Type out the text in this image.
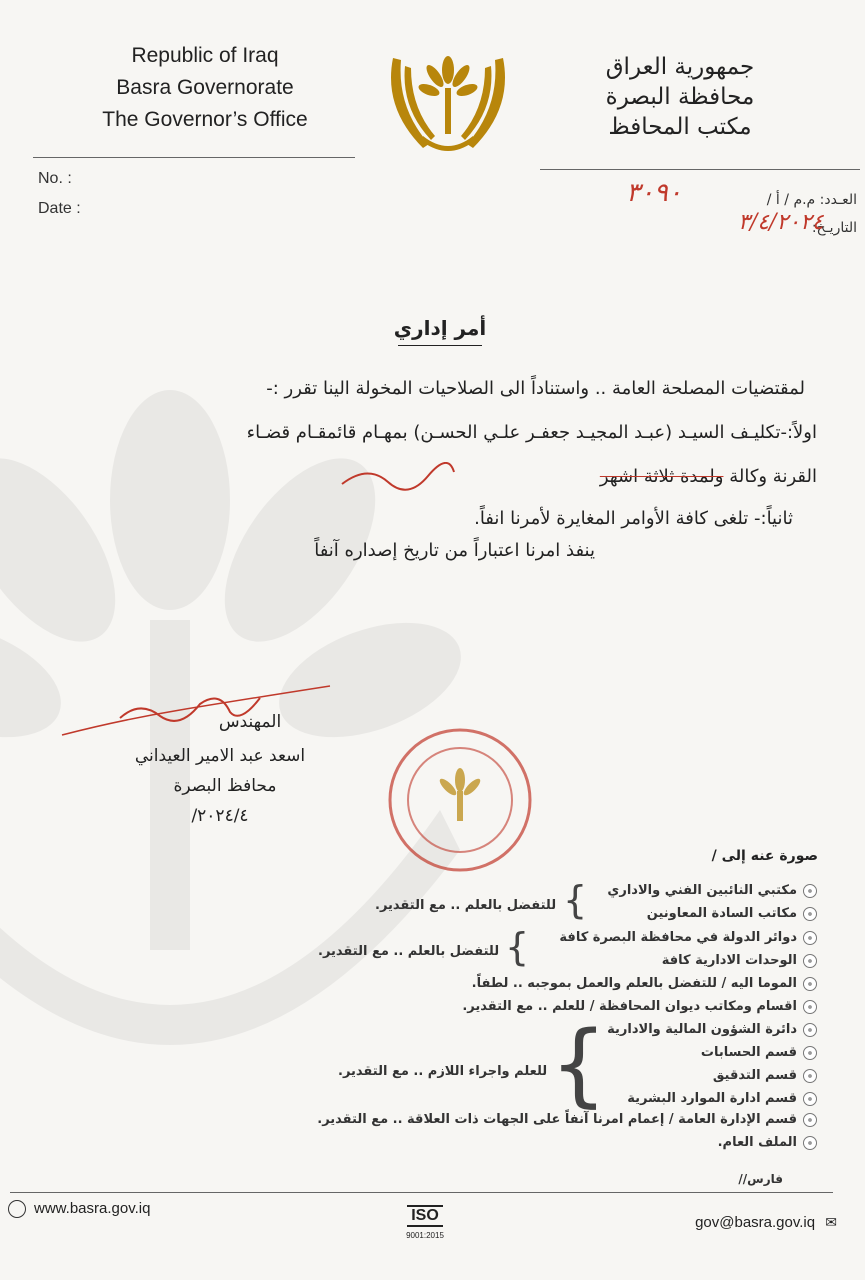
Republic of Iraq
Basra Governorate
The Governor’s Office
جمهورية العراق
محافظة البصرة
مكتب المحافظ
No. :
Date :	العـدد: م.م / أ /
التاريـخ:
٣٠٩٠
٣/٤/٢٠٢٤
أمر إداري
لمقتضيات المصلحة العامة .. واستناداً الى الصلاحيات المخولة الينا تقرر :-
اولاً:-تكليـف السيـد (عبـد المجيـد جعفـر علـي الحسـن) بمهـام قائمقـام قضـاء
القرنة وكالة ولمدة ثلاثة اشهر
ثانياً:- تلغى كافة الأوامر المغايرة لأمرنا انفاً.
ينفذ امرنا اعتباراً من تاريخ إصداره آنفاً
المهندس
اسعد عبد الامير العيداني
محافظ البصرة
٢٠٢٤/٤/
صورة عنه إلى /
مكتبي النائبين الفني والاداري
مكاتب السادة المعاونين
دوائر الدولة في محافظة البصرة كافة
الوحدات الادارية كافة
الموما اليه / للتفضل بالعلم والعمل بموجبه .. لطفاً.
اقسام ومكاتب ديوان المحافظة / للعلم .. مع التقدير.
دائرة الشؤون المالية والادارية
قسم الحسابات
قسم التدقيق
قسم ادارة الموارد البشرية
قسم الإدارة العامة / إعمام امرنا آنفاً على الجهات ذات العلاقة .. مع التقدير.
الملف العام.
{
للتفضل بالعلم .. مع التقدير.
{
للتفضل بالعلم .. مع التقدير.
{
للعلم واجراء اللازم .. مع التقدير.
فارس//
www.basra.gov.iq	ISO
9001:2015
gov@basra.gov.iq ✉
